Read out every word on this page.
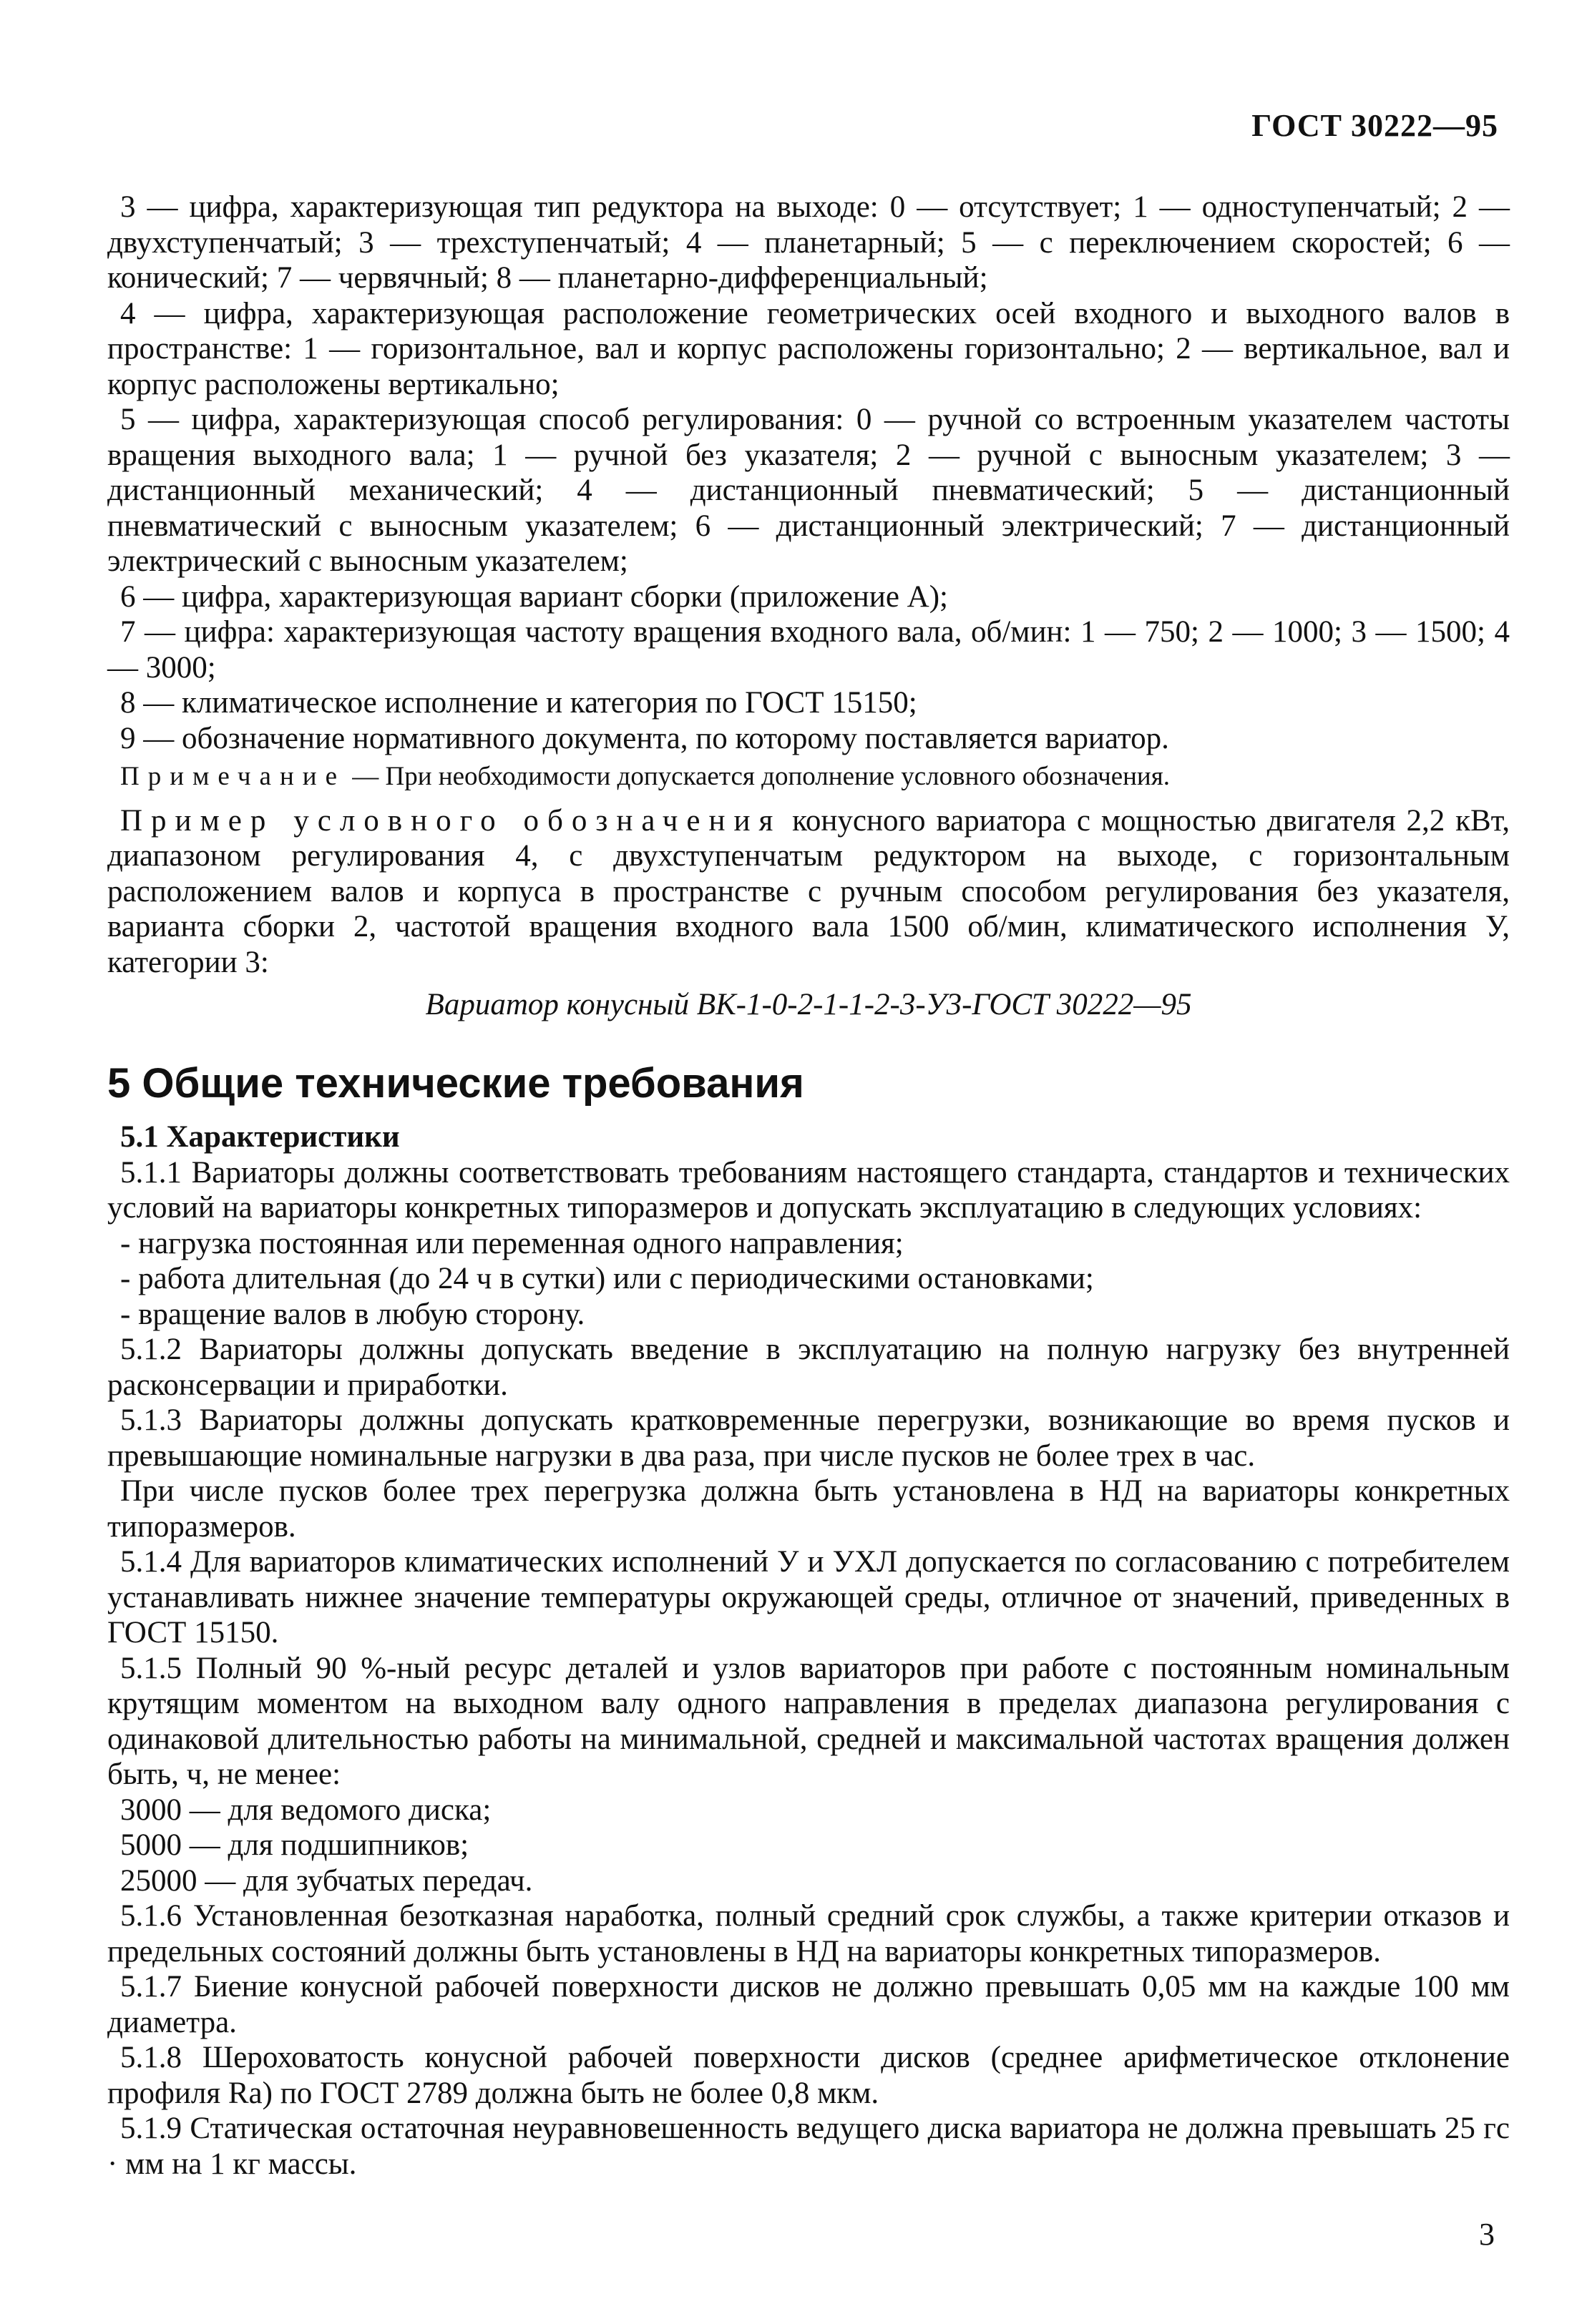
ГОСТ 30222—95

3 — цифра, характеризующая тип редуктора на выходе: 0 — отсутствует; 1 — одноступенчатый; 2 — двухступенчатый; 3 — трехступенчатый; 4 — планетарный; 5 — с переключением скоростей; 6 — конический; 7 — червячный; 8 — планетарно-дифференциальный;

4 — цифра, характеризующая расположение геометрических осей входного и выходного валов в пространстве: 1 — горизонтальное, вал и корпус расположены горизонтально; 2 — вертикальное, вал и корпус расположены вертикально;

5 — цифра, характеризующая способ регулирования: 0 — ручной со встроенным указателем частоты вращения выходного вала; 1 — ручной без указателя; 2 — ручной с выносным указателем; 3 — дистанционный механический; 4 — дистанционный пневматический; 5 — дистанционный пневматический с выносным указателем; 6 — дистанционный электрический; 7 — дистанционный электрический с выносным указателем;

6 — цифра, характеризующая вариант сборки (приложение А);

7 — цифра: характеризующая частоту вращения входного вала, об/мин: 1 — 750; 2 — 1000; 3 — 1500; 4 — 3000;

8 — климатическое исполнение и категория по ГОСТ 15150;

9 — обозначение нормативного документа, по которому поставляется вариатор.

Примечание — При необходимости допускается дополнение условного обозначения.

Пример условного обозначения конусного вариатора с мощностью двигателя 2,2 кВт, диапазоном регулирования 4, с двухступенчатым редуктором на выходе, с горизонтальным расположением валов и корпуса в пространстве с ручным способом регулирования без указателя, варианта сборки 2, частотой вращения входного вала 1500 об/мин, климатического исполнения У, категории 3:

Вариатор конусный ВК-1-0-2-1-1-2-3-У3-ГОСТ 30222—95

5 Общие технические требования

5.1 Характеристики

5.1.1 Вариаторы должны соответствовать требованиям настоящего стандарта, стандартов и технических условий на вариаторы конкретных типоразмеров и допускать эксплуатацию в следующих условиях:

- нагрузка постоянная или переменная одного направления;

- работа длительная (до 24 ч в сутки) или с периодическими остановками;

- вращение валов в любую сторону.

5.1.2 Вариаторы должны допускать введение в эксплуатацию на полную нагрузку без внутренней расконсервации и приработки.

5.1.3 Вариаторы должны допускать кратковременные перегрузки, возникающие во время пусков и превышающие номинальные нагрузки в два раза, при числе пусков не более трех в час.

При числе пусков более трех перегрузка должна быть установлена в НД на вариаторы конкретных типоразмеров.

5.1.4 Для вариаторов климатических исполнений У и УХЛ допускается по согласованию с потребителем устанавливать нижнее значение температуры окружающей среды, отличное от значений, приведенных в ГОСТ 15150.

5.1.5 Полный 90 %-ный ресурс деталей и узлов вариаторов при работе с постоянным номинальным крутящим моментом на выходном валу одного направления в пределах диапазона регулирования с одинаковой длительностью работы на минимальной, средней и максимальной частотах вращения должен быть, ч, не менее:

3000 — для ведомого диска;

5000 — для подшипников;

25000 — для зубчатых передач.

5.1.6 Установленная безотказная наработка, полный средний срок службы, а также критерии отказов и предельных состояний должны быть установлены в НД на вариаторы конкретных типоразмеров.

5.1.7 Биение конусной рабочей поверхности дисков не должно превышать 0,05 мм на каждые 100 мм диаметра.

5.1.8 Шероховатость конусной рабочей поверхности дисков (среднее арифметическое отклонение профиля Ra) по ГОСТ 2789 должна быть не более 0,8 мкм.

5.1.9 Статическая остаточная неуравновешенность ведущего диска вариатора не должна превышать 25 гс · мм на 1 кг массы.

3
